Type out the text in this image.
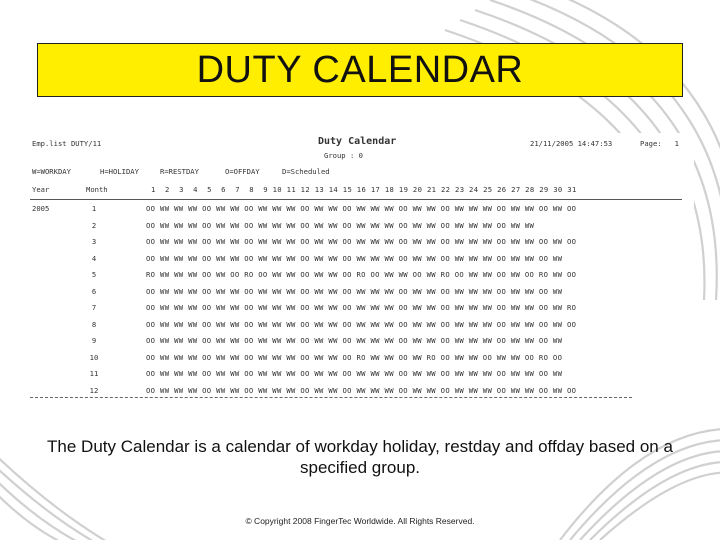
DUTY CALENDAR
Emp.list DUTY/11	Duty Calendar
Group : 0
21/11/2005 14:47:53	Page:   1
W=WORKDAY	H=HOLIDAY	R=RESTDAY	O=OFFDAY	D=Scheduled
Year	Month	1  2  3  4  5  6  7  8  9 10 11 12 13 14 15 16 17 18 19 20 21 22 23 24 25 26 27 28 29 30 31
2005	1	OO WW WW WW OO WW WW OO WW WW WW OO WW WW OO WW WW WW OO WW WW OO WW WW WW OO WW WW OO WW OO
2	OO WW WW WW OO WW WW OO WW WW WW OO WW WW OO WW WW WW OO WW WW OO WW WW WW OO WW WW
3	OO WW WW WW OO WW WW OO WW WW WW OO WW WW OO WW WW WW OO WW WW OO WW WW WW OO WW WW OO WW OO
4	OO WW WW WW OO WW WW OO WW WW WW OO WW WW OO WW WW WW OO WW WW OO WW WW WW OO WW WW OO WW
5	RO WW WW WW OO WW OO RO OO WW WW OO WW WW OO RO OO WW WW OO WW RO OO WW WW OO WW OO RO WW OO
6	OO WW WW WW OO WW WW OO WW WW WW OO WW WW OO WW WW WW OO WW WW OO WW WW WW OO WW WW OO WW
7	OO WW WW WW OO WW WW OO WW WW WW OO WW WW OO WW WW WW OO WW WW OO WW WW WW OO WW WW OO WW RO
8	OO WW WW WW OO WW WW OO WW WW WW OO WW WW OO WW WW WW OO WW WW OO WW WW WW OO WW WW OO WW OO
9	OO WW WW WW OO WW WW OO WW WW WW OO WW WW OO WW WW WW OO WW WW OO WW WW WW OO WW WW OO WW
10	OO WW WW WW OO WW WW OO WW WW WW OO WW WW OO RO WW WW OO WW RO OO WW WW OO WW WW OO RO OO
11	OO WW WW WW OO WW WW OO WW WW WW OO WW WW OO WW WW WW OO WW WW OO WW WW WW OO WW WW OO WW
12	OO WW WW WW OO WW WW OO WW WW WW OO WW WW OO WW WW WW OO WW WW OO WW WW WW OO WW WW OO WW OO
The Duty Calendar is a calendar of workday holiday, restday and offday based on a specified group.
© Copyright 2008 FingerTec Worldwide. All Rights Reserved.
